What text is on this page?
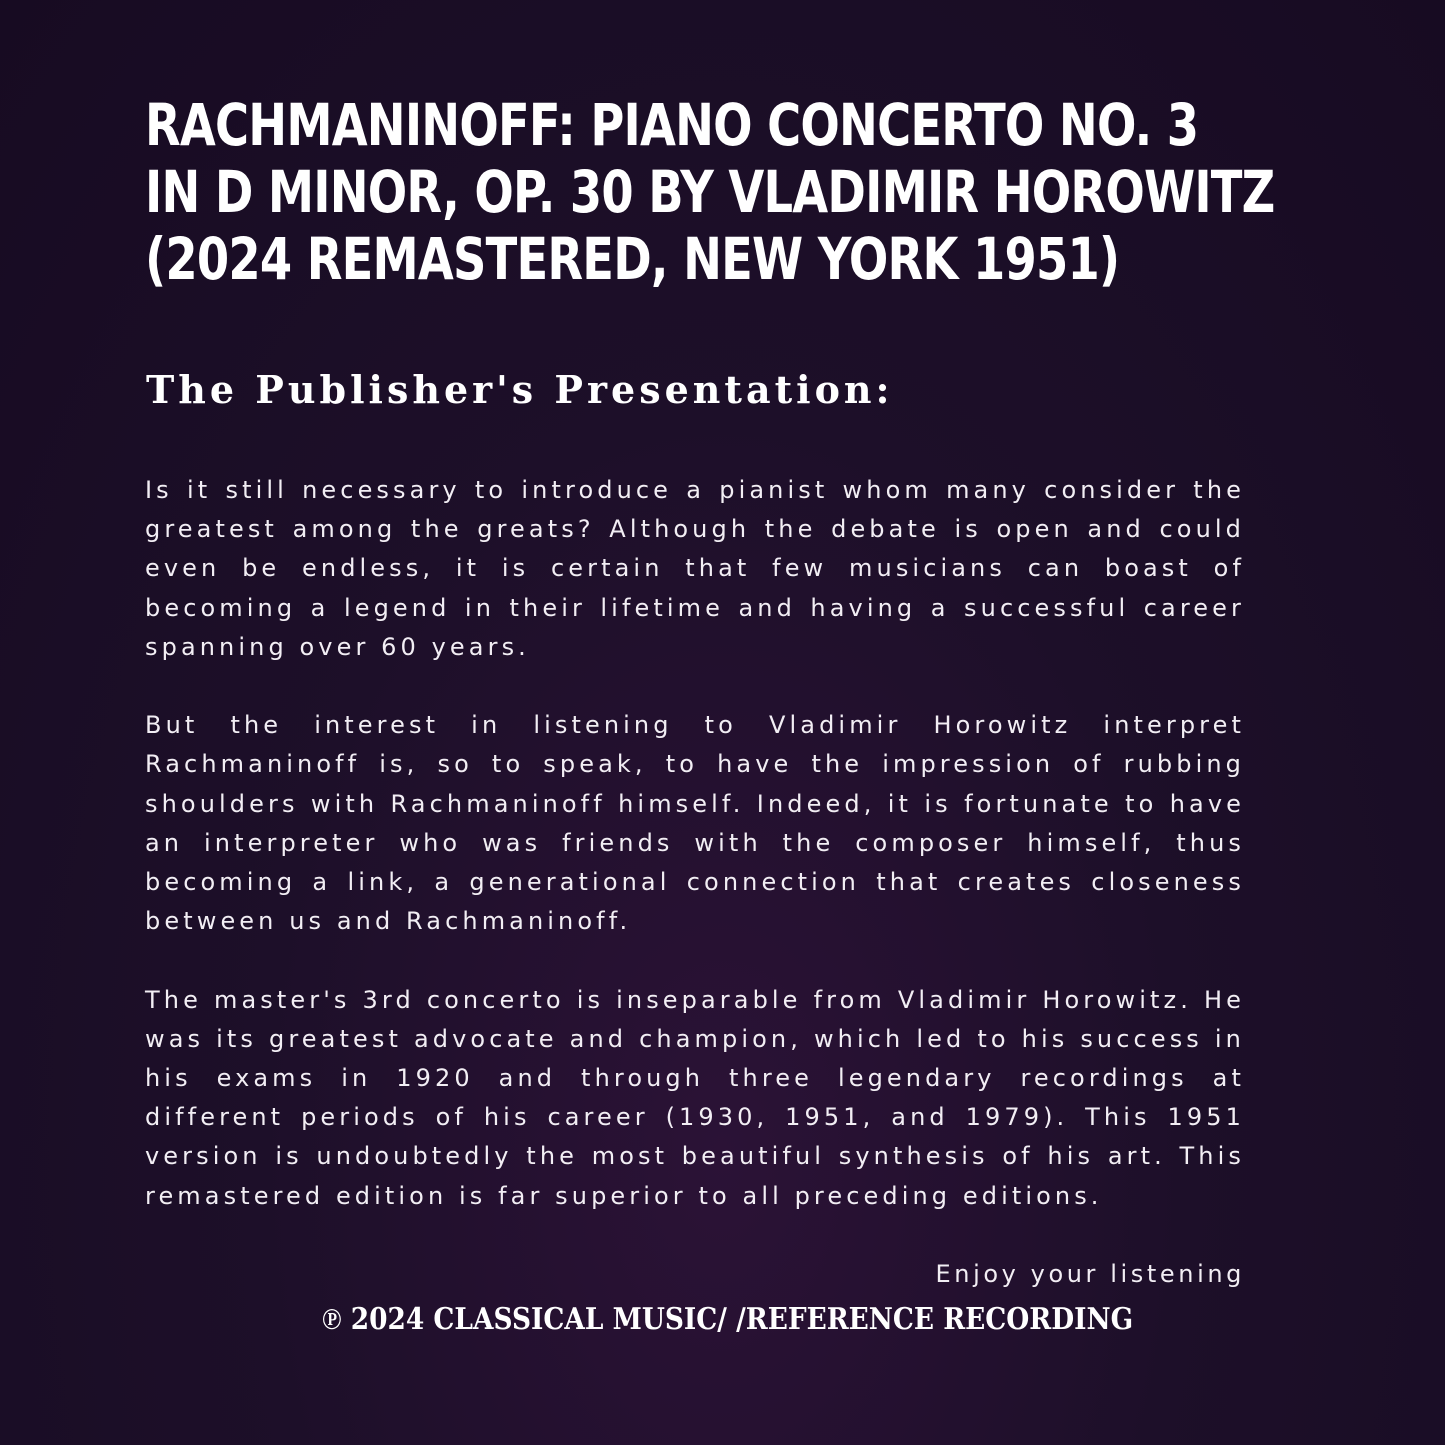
RACHMANINOFF: PIANO CONCERTO NO. 3
IN D MINOR, OP. 30 BY VLADIMIR HOROWITZ
(2024 REMASTERED, NEW YORK 1951)
The Publisher's Presentation:

Is it still necessary to introduce a pianist whom many consider the greatest among the greats? Although the debate is open and could even be endless, it is certain that few musicians can boast of becoming a legend in their lifetime and having a successful career spanning over 60 years.

But the interest in listening to Vladimir Horowitz interpret Rachmaninoff is, so to speak, to have the impression of rubbing shoulders with Rachmaninoff himself. Indeed, it is fortunate to have an interpreter who was friends with the composer himself, thus becoming a link, a generational connection that creates closeness between us and Rachmaninoff.

The master's 3rd concerto is inseparable from Vladimir Horowitz. He was its greatest advocate and champion, which led to his success in his exams in 1920 and through three legendary recordings at different periods of his career (1930, 1951, and 1979). This 1951 version is undoubtedly the most beautiful synthesis of his art. This remastered edition is far superior to all preceding editions.

Enjoy your listening
℗ 2024 CLASSICAL MUSIC/ /REFERENCE RECORDING
